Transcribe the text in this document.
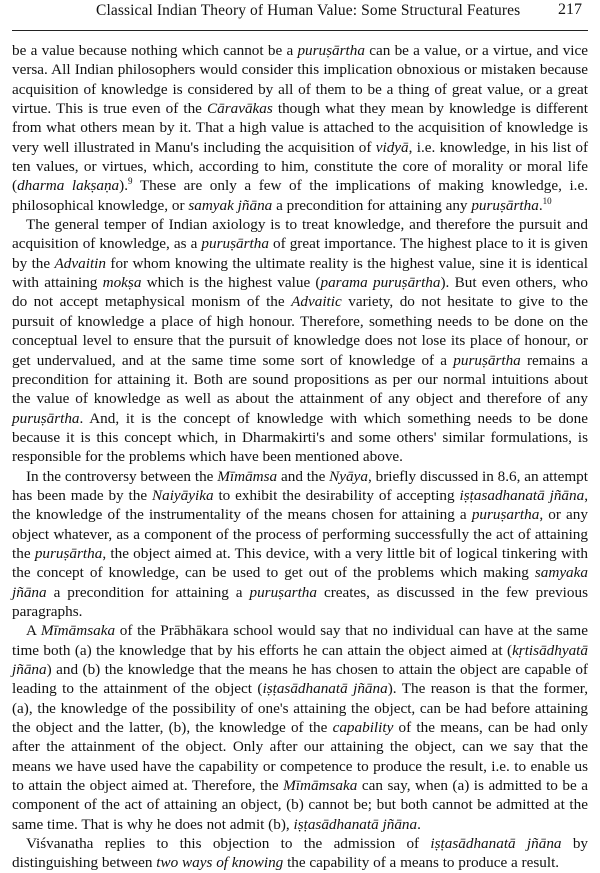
Classical Indian Theory of Human Value: Some Structural Features 217

be a value because nothing which cannot be a puruṣārtha can be a value, or a virtue, and vice versa. All Indian philosophers would consider this implication obnoxious or mistaken because acquisition of knowledge is considered by all of them to be a thing of great value, or a great virtue. This is true even of the Cāravākas though what they mean by knowledge is different from what others mean by it. That a high value is attached to the acquisition of knowledge is very well illustrated in Manu's including the acquisition of vidyā, i.e. knowledge, in his list of ten values, or virtues, which, according to him, constitute the core of morality or moral life (dharma lakṣaṇa).$^9$ These are only a few of the implications of making knowledge, i.e. philosophical knowledge, or samyak jñāna a precondition for attaining any puruṣārtha.$^{10}$

The general temper of Indian axiology is to treat knowledge, and therefore the pursuit and acquisition of knowledge, as a puruṣārtha of great importance. The highest place to it is given by the Advaitin for whom knowing the ultimate reality is the highest value, sine it is identical with attaining mokṣa which is the highest value (parama puruṣārtha). But even others, who do not accept metaphysical monism of the Advaitic variety, do not hesitate to give to the pursuit of knowledge a place of high honour. Therefore, something needs to be done on the conceptual level to ensure that the pursuit of knowledge does not lose its place of honour, or get undervalued, and at the same time some sort of knowledge of a puruṣārtha remains a precondition for attaining it. Both are sound propositions as per our normal intuitions about the value of knowledge as well as about the attainment of any object and therefore of any puruṣārtha. And, it is the concept of knowledge with which something needs to be done because it is this concept which, in Dharmakirti's and some others' similar formulations, is responsible for the problems which have been mentioned above.

In the controversy between the Mīmāmsa and the Nyāya, briefly discussed in 8.6, an attempt has been made by the Naiyāyika to exhibit the desirability of accepting iṣṭasadhanatā jñāna, the knowledge of the instrumentality of the means chosen for attaining a puruṣartha, or any object whatever, as a component of the process of performing successfully the act of attaining the puruṣārtha, the object aimed at. This device, with a very little bit of logical tinkering with the concept of knowledge, can be used to get out of the problems which making samyaka jñāna a precondition for attaining a puruṣartha creates, as discussed in the few previous paragraphs.

A Mīmāmsaka of the Prābhākara school would say that no individual can have at the same time both (a) the knowledge that by his efforts he can attain the object aimed at (kṛtisādhyatā jñāna) and (b) the knowledge that the means he has chosen to attain the object are capable of leading to the attainment of the object (iṣṭasādhanatā jñāna). The reason is that the former, (a), the knowledge of the possibility of one's attaining the object, can be had before attaining the object and the latter, (b), the knowledge of the capability of the means, can be had only after the attainment of the object. Only after our attaining the object, can we say that the means we have used have the capability or competence to produce the result, i.e. to enable us to attain the object aimed at. Therefore, the Mīmāmsaka can say, when (a) is admitted to be a component of the act of attaining an object, (b) cannot be; but both cannot be admitted at the same time. That is why he does not admit (b), iṣṭasādhanatā jñāna.

Viśvanatha replies to this objection to the admission of iṣṭasādhanatā jñāna by distinguishing between two ways of knowing the capability of a means to produce a result.
